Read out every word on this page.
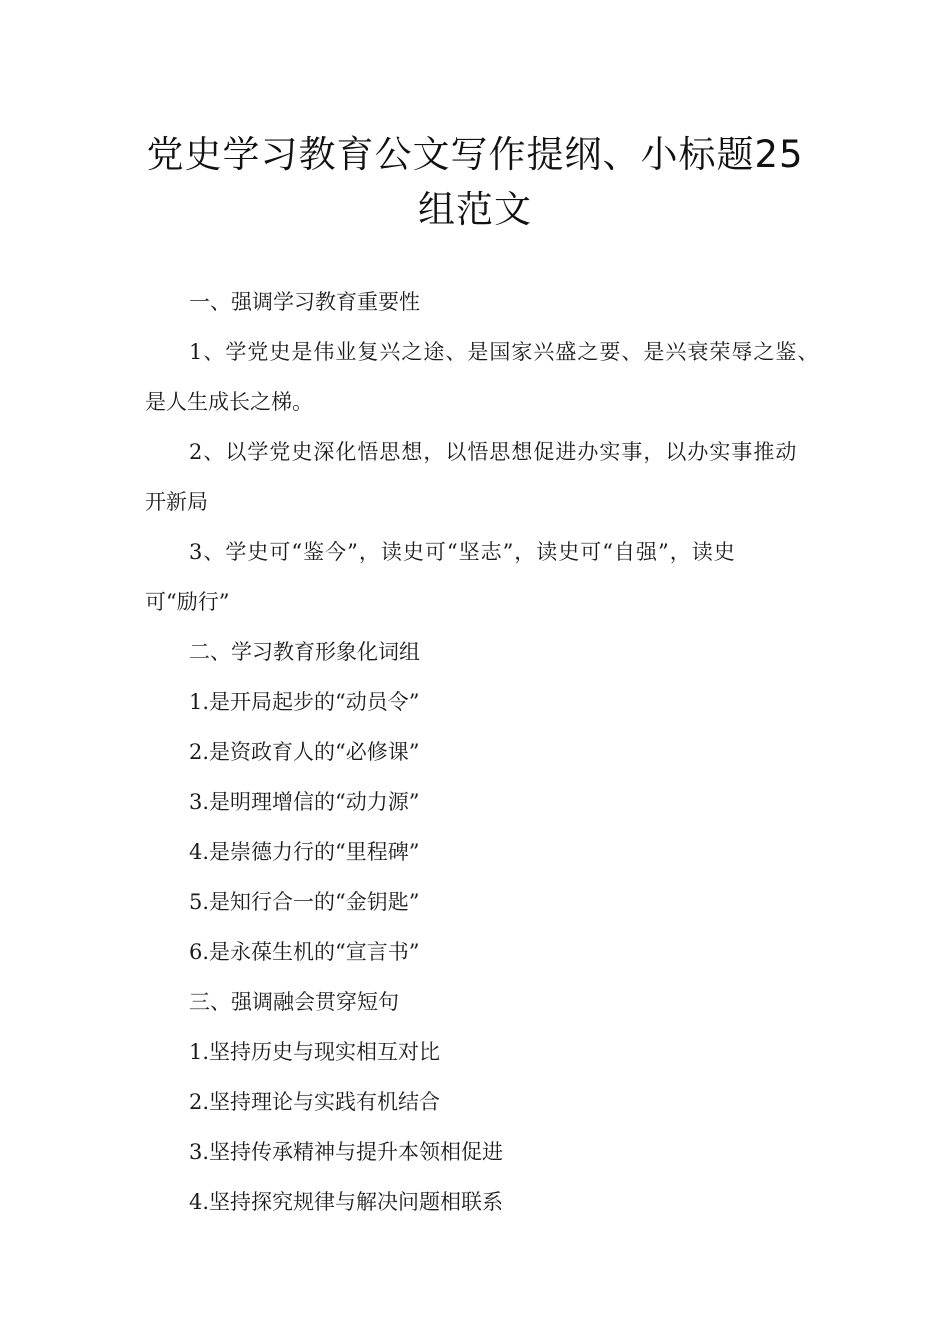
党史学习教育公文写作提纲、小标题25
组范文

一、强调学习教育重要性

1、学党史是伟业复兴之途、是国家兴盛之要、是兴衰荣辱之鉴、

是人生成长之梯。

2、以学党史深化悟思想，以悟思想促进办实事，以办实事推动

开新局

3、学史可“鉴今”，读史可“坚志”，读史可“自强”，读史

可“励行”

二、学习教育形象化词组

1.是开局起步的“动员令”

2.是资政育人的“必修课”

3.是明理增信的“动力源”

4.是崇德力行的“里程碑”

5.是知行合一的“金钥匙”

6.是永葆生机的“宣言书”

三、强调融会贯穿短句

1.坚持历史与现实相互对比

2.坚持理论与实践有机结合

3.坚持传承精神与提升本领相促进

4.坚持探究规律与解决问题相联系
